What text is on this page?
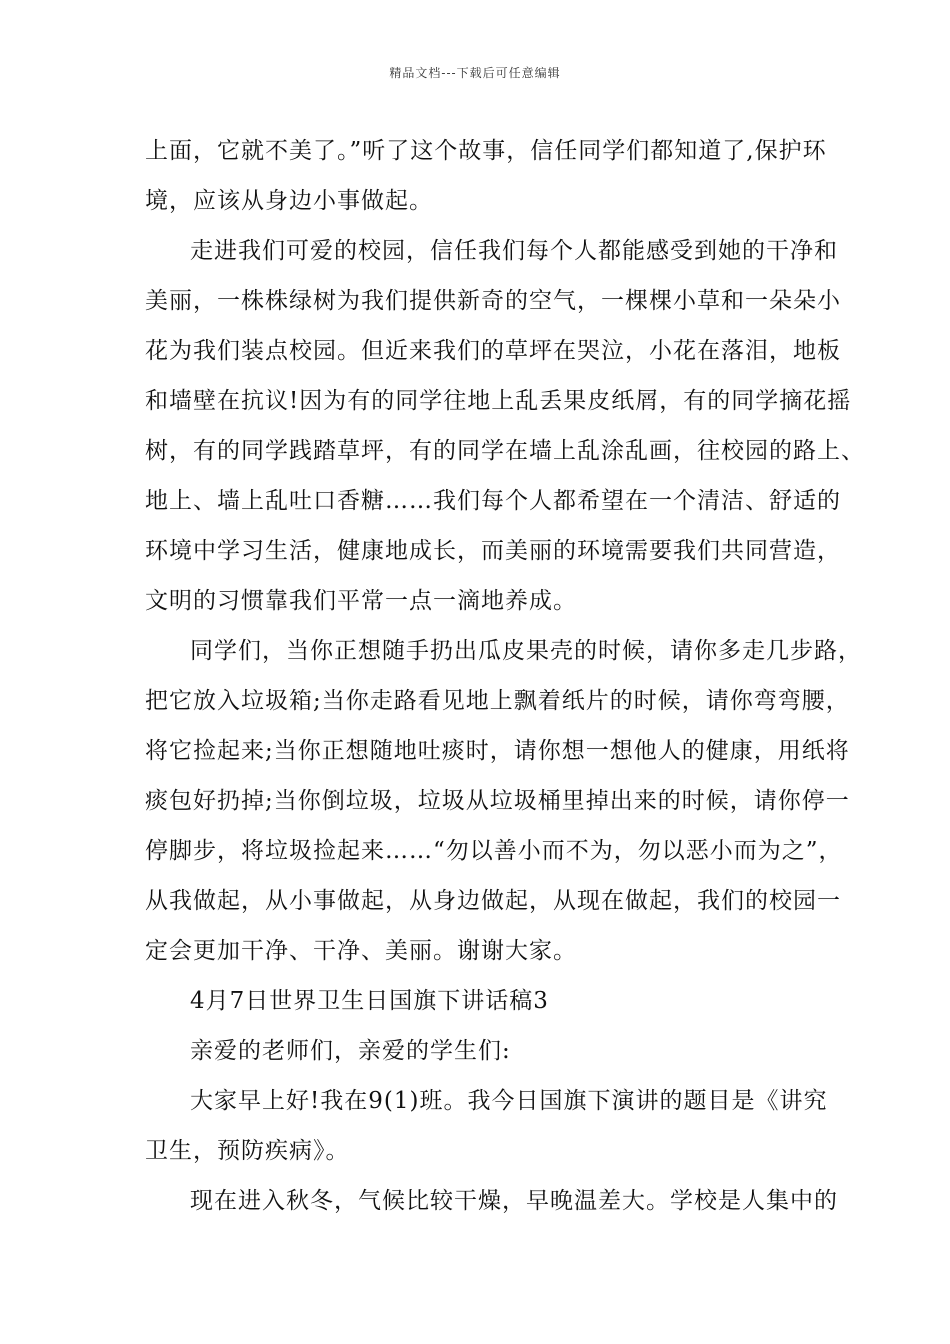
精品文档---下载后可任意编辑
上面，它就不美了。”听了这个故事，信任同学们都知道了,保护环
境，应该从身边小事做起。
走进我们可爱的校园，信任我们每个人都能感受到她的干净和
美丽，一株株绿树为我们提供新奇的空气，一棵棵小草和一朵朵小
花为我们装点校园。但近来我们的草坪在哭泣，小花在落泪，地板
和墙壁在抗议!因为有的同学往地上乱丢果皮纸屑，有的同学摘花摇
树，有的同学践踏草坪，有的同学在墙上乱涂乱画，往校园的路上、
地上、墙上乱吐口香糖……我们每个人都希望在一个清洁、舒适的
环境中学习生活，健康地成长，而美丽的环境需要我们共同营造，
文明的习惯靠我们平常一点一滴地养成。
同学们，当你正想随手扔出瓜皮果壳的时候，请你多走几步路，
把它放入垃圾箱;当你走路看见地上飘着纸片的时候，请你弯弯腰，
将它捡起来;当你正想随地吐痰时，请你想一想他人的健康，用纸将
痰包好扔掉;当你倒垃圾，垃圾从垃圾桶里掉出来的时候，请你停一
停脚步，将垃圾捡起来……“勿以善小而不为，勿以恶小而为之”，
从我做起，从小事做起，从身边做起，从现在做起，我们的校园一
定会更加干净、干净、美丽。谢谢大家。
4月7日世界卫生日国旗下讲话稿3
亲爱的老师们，亲爱的学生们:
大家早上好!我在9(1)班。我今日国旗下演讲的题目是《讲究
卫生，预防疾病》。
现在进入秋冬，气候比较干燥，早晚温差大。学校是人集中的
